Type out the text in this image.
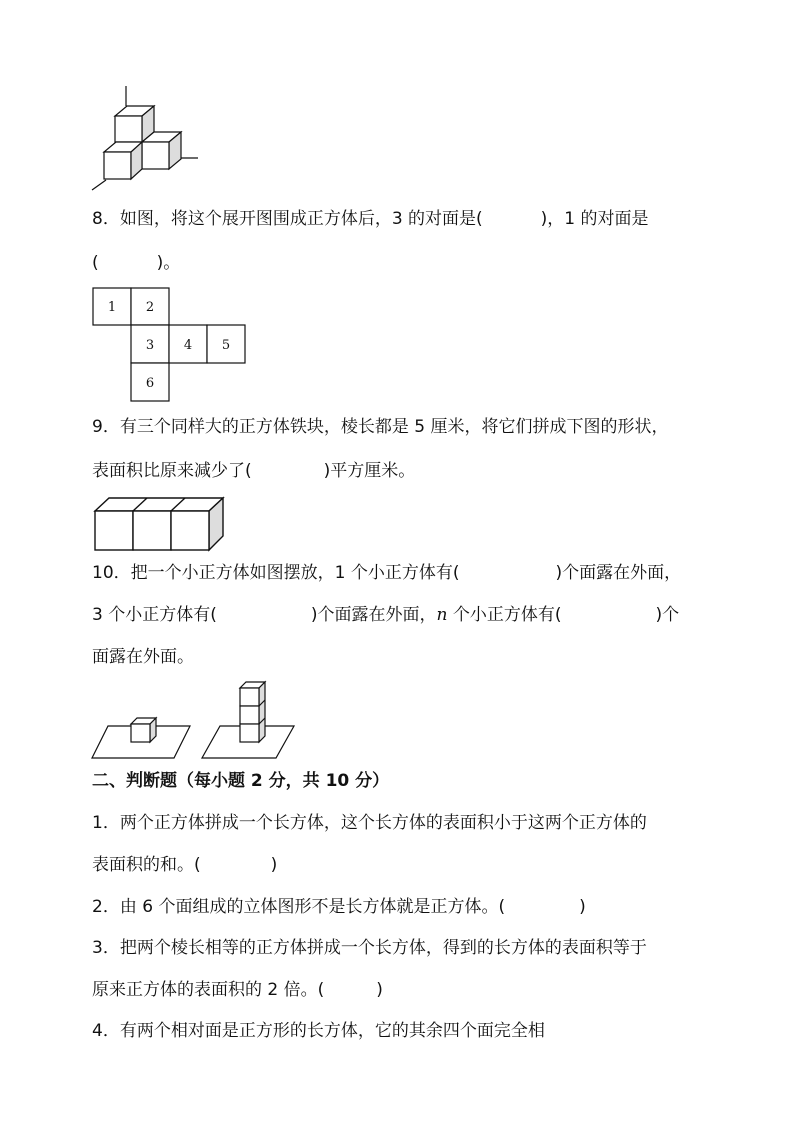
8．如图，将这个展开图围成正方体后，3 的对面是(	)，1 的对面是
(	)。
1 2
3 4 5
6
9．有三个同样大的正方体铁块，棱长都是 5 厘米，将它们拼成下图的形状，
表面积比原来减少了(	)平方厘米。
10．把一个小正方体如图摆放，1 个小正方体有(	)个面露在外面，
3 个小正方体有(	)个面露在外面，n 个小正方体有(	)个
面露在外面。
二、判断题（每小题 2 分，共 10 分）
1．两个正方体拼成一个长方体，这个长方体的表面积小于这两个正方体的
表面积的和。(	)
2．由 6 个面组成的立体图形不是长方体就是正方体。(	)
3．把两个棱长相等的正方体拼成一个长方体，得到的长方体的表面积等于
原来正方体的表面积的 2 倍。(	)
4．有两个相对面是正方形的长方体，它的其余四个面完全相
